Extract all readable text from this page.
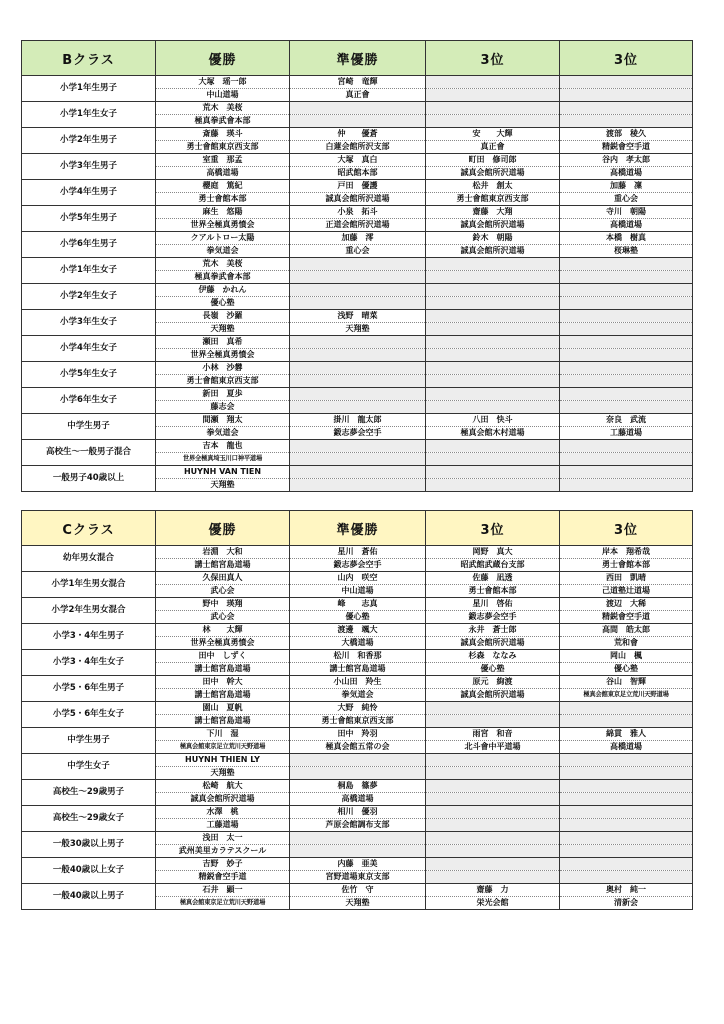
Bクラス	優勝	準優勝	3位	3位
小学1年生男子	大塚　瑶一郎	宮崎　竜輝		
	中山道場	真正會		
小学1年生女子	荒木　美桜			
	極真拳武會本部			
小学2年生男子	斎藤　瑛斗	仲　　優蒼	安　　大輝	渡部　稜久
	勇士會館東京西支部	白蓮会館所沢支部	真正會	精鋭會空手道
小学3年生男子	室重　那孟	大塚　真白	町田　修司郎	谷内　孝太郎
	高橋道場	昭武館本部	誠真会館所沢道場	高橋道場
小学4年生男子	櫻庭　篤紀	戸田　優護	松井　創太	加藤　凜
	勇士會館本部	誠真会館所沢道場	勇士會館東京西支部	重心会
小学5年生男子	麻生　悠陽	小泉　拓斗	齋藤　大翔	寺川　朝陽
	世界全極真勇憤会	正道会館所沢道場	誠真会館所沢道場	高橋道場
小学6年生男子	クアルトロー太陽	加藤　澪	鈴木　朝陽	本橋　樹真
	拳気道会	重心会	誠真会館所沢道場	桜琳塾
小学1年生女子	荒木　美桜			
	極真拳武會本部			
小学2年生女子	伊藤　かれん			
	優心塾			
小学3年生女子	長嶺　沙羅	浅野　晴菜		
	天翔塾	天翔塾		
小学4年生女子	瀬田　真希			
	世界全極真勇憤会			
小学5年生女子	小林　沙礬			
	勇士會館東京西支部			
小学6年生女子	新田　夏歩			
	藤志会			
中学生男子	間瀬　翔太	掛川　龍太郎	八田　快斗	奈良　武流
	拳気道会	鍛志夢会空手	極真会館木村道場	工藤道場
高校生～一般男子混合	吉本　龍也			
	世界全極真埼玉川口神平道場			
一般男子40歳以上	HUYNH VAN TIEN			
	天翔塾			
Cクラス	優勝	準優勝	3位	3位
幼年男女混合	岩淵　大和	星川　蒼佑	岡野　真大	岸本　翔希哉
	講士館宮島道場	鍛志夢会空手	昭武館武蔵台支部	勇士會館本部
小学1年生男女混合	久保田真人	山内　咲空	佐藤　凪透	西田　凱晴
	武心会	中山道場	勇士會館本部	己道塾辻道場
小学2年生男女混合	野中　瑛翔	峰　　志真	星川　啓佑	渡辺　大稀
	武心会	優心塾	鍛志夢会空手	精鋭會空手道
小学3・4年生男子	林　　太輝	渡邊　颯大	永井　蒼士郎	高間　皓太郎
	世界全極真勇憤会	大橋道場	誠真会館所沢道場	荒和會
小学3・4年生女子	田中　しずく	松川　和香那	杉森　ななみ	岡山　楓
	講士館宮島道場	講士館宮島道場	優心塾	優心塾
小学5・6年生男子	田中　幹大	小山田　羚生	原元　絢渡	谷山　智輝
	講士館宮島道場	拳気道会	誠真会館所沢道場	極真会館東京足立荒川天野道場
小学5・6年生女子	園山　夏帆	大野　純怜		
	講士館宮島道場	勇士會館東京西支部		
中学生男子	下川　湿	田中　羚羽	雨宮　和音	綿貫　雅人
	極真会館東京足立荒川天野道場	極真会館五常の会	北斗會中平道場	高橋道場
中学生女子	HUYNH THIEN LY			
	天翔塾			
高校生～29歳男子	松崎　航大	桐島　篠夢		
	誠真会館所沢道場	高橋道場		
高校生～29歳女子	水澤　桃	相川　優羽		
	工藤道場	芦原会館調布支部		
一般30歳以上男子	浅田　太一			
	武州美里カラテスクール			
一般40歳以上女子	吉野　妙子	内藤　亜美		
	精鋭會空手道	宮野道場東京支部		
一般40歳以上男子	石井　顕一	佐竹　守	齋藤　力	奥村　純一
	極真会館東京足立荒川天野道場	天翔塾	栄光会館	清新会
